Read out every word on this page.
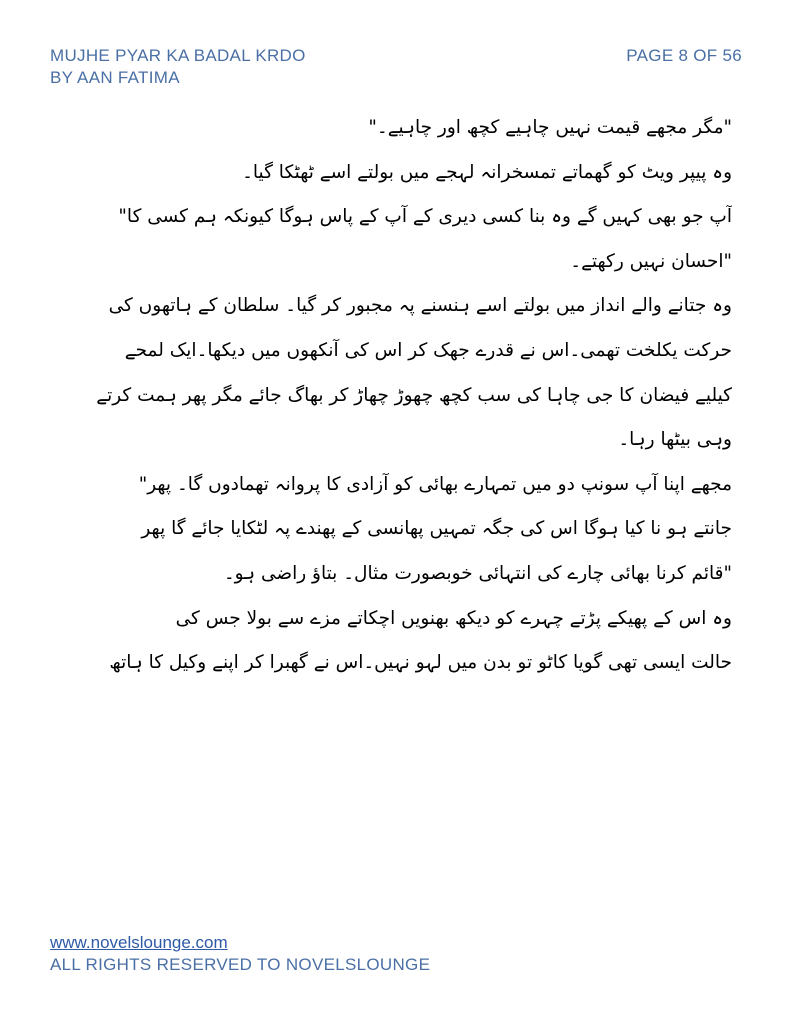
MUJHE PYAR KA BADAL KRDO
BY AAN FATIMA
PAGE 8 OF 56
"مگر مجھے قیمت نہیں چاہیے کچھ اور چاہیے۔"
وہ پیپر ویٹ کو گھماتے تمسخرانہ لہجے میں بولتے اسے ٹھٹکا گیا۔
آپ جو بھی کہیں گے وہ بنا کسی دیری کے آپ کے پاس ہوگا کیونکہ ہم کسی کا"
"احسان نہیں رکھتے۔
وہ جتانے والے انداز میں بولتے اسے ہنسنے پہ مجبور کر گیا۔ سلطان کے ہاتھوں کی
حرکت یکلخت تھمی۔اس نے قدرے جھک کر اس کی آنکھوں میں دیکھا۔ایک لمحے
کیلیے فیضان کا جی چاہا کی سب کچھ چھوڑ چھاڑ کر بھاگ جائے مگر پھر ہمت کرتے
وہی بیٹھا رہا۔
مجھے اپنا آپ سونپ دو میں تمہارے بھائی کو آزادی کا پروانہ تھمادوں گا۔ پھر"
جانتے ہو نا کیا ہوگا اس کی جگہ تمہیں پھانسی کے پھندے پہ لٹکایا جائے گا پھر
"قائم کرنا بھائی چارے کی انتہائی خوبصورت مثال۔ بتاؤ راضی ہو۔
وہ اس کے پھیکے پڑتے چہرے کو دیکھ بھنویں اچکاتے مزے سے بولا جس کی
حالت ایسی تھی گویا کاٹو تو بدن میں لہو نہیں۔اس نے گھبرا کر اپنے وکیل کا ہاتھ
www.novelslounge.com
ALL RIGHTS RESERVED TO NOVELSLOUNGE
